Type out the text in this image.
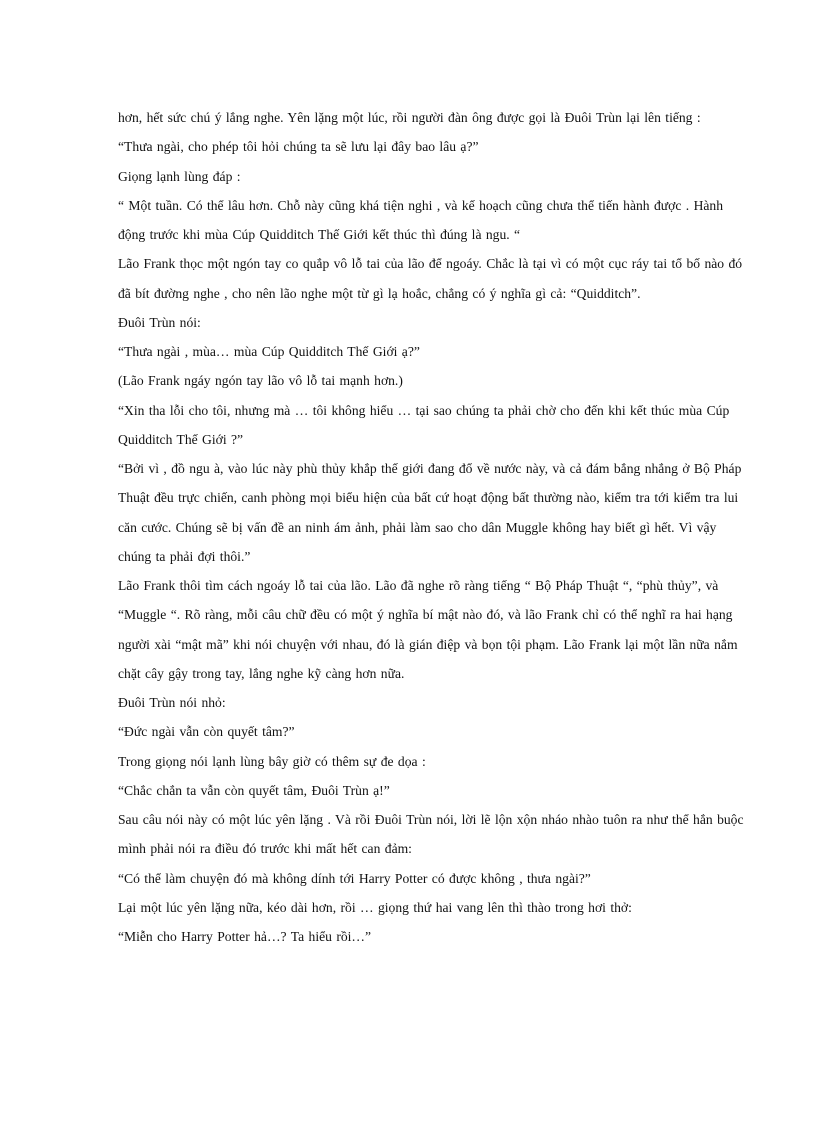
hơn, hết sức chú ý lắng nghe. Yên lặng một lúc, rồi người đàn ông được gọi là Đuôi Trùn lại lên tiếng :

“Thưa ngài, cho phép tôi hỏi chúng ta sẽ lưu lại đây bao lâu ạ?”

Giọng lạnh lùng đáp :

“ Một tuần. Có thể lâu hơn. Chỗ này cũng khá tiện nghi , và kế hoạch cũng chưa thể tiến hành được . Hành động trước khi mùa Cúp Quidditch Thế Giới kết thúc thì đúng là ngu. “

Lão Frank thọc một ngón tay co quắp vô lỗ tai của lão để ngoáy. Chắc là tại vì có một cục ráy tai tổ bố nào đó đã bít đường nghe , cho nên lão nghe một từ gì lạ hoắc, chẳng có ý nghĩa gì cả: “Quidditch”.

Đuôi Trùn nói:

“Thưa ngài , mùa… mùa Cúp Quidditch Thế Giới ạ?”

(Lão Frank ngáy ngón tay lão vô lỗ tai mạnh hơn.)

“Xin tha lỗi cho tôi, nhưng mà … tôi không hiểu … tại sao chúng ta phải chờ cho đến khi kết thúc mùa Cúp Quidditch Thế Giới ?”

“Bởi vì , đồ ngu à, vào lúc này phù thủy khắp thế giới đang đổ về nước này, và cả đám bắng nhắng ở Bộ Pháp Thuật đều trực chiến, canh phòng mọi biểu hiện của bất cứ hoạt động bất thường nào, kiểm tra tới kiểm tra lui căn cước. Chúng sẽ bị vấn đề an ninh ám ảnh, phải làm sao cho dân Muggle không hay biết gì hết. Vì vậy chúng ta phải đợi thôi.”

Lão Frank thôi tìm cách ngoáy lỗ tai của lão. Lão đã nghe rõ ràng tiếng “ Bộ Pháp Thuật “, “phù thủy”, và “Muggle “. Rõ ràng, mỗi câu chữ đều có một ý nghĩa bí mật nào đó, và lão Frank chỉ có thể nghĩ ra hai hạng người xài “mật mã” khi nói chuyện với nhau, đó là gián điệp và bọn tội phạm. Lão Frank lại một lần nữa nắm chặt cây gậy trong tay, lắng nghe kỹ càng hơn nữa.

Đuôi Trùn nói nhỏ:

“Đức ngài vẫn còn quyết tâm?”

Trong giọng nói lạnh lùng bây giờ có thêm sự đe dọa :

“Chắc chắn ta vẫn còn quyết tâm, Đuôi Trùn ạ!”

Sau câu nói này có một lúc yên lặng . Và rồi Đuôi Trùn nói, lời lẽ lộn xộn nháo nhào tuôn ra như thể hắn buộc mình phải nói ra điều đó trước khi mất hết can đảm:

“Có thể làm chuyện đó mà không dính tới Harry Potter có được không , thưa ngài?”

Lại một lúc yên lặng nữa, kéo dài hơn, rồi … giọng thứ hai vang lên thì thào trong hơi thở:

“Miễn cho Harry Potter hả…? Ta hiểu rồi…”
